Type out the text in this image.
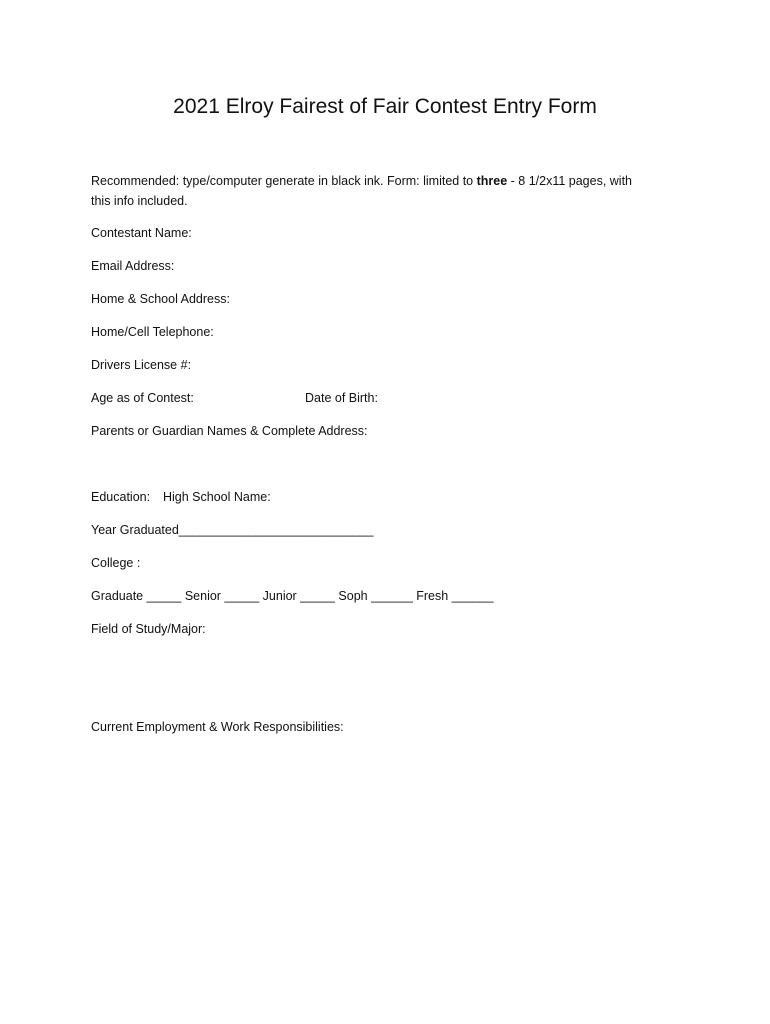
2021 Elroy Fairest of Fair Contest Entry Form
Recommended: type/computer generate in black ink. Form: limited to three - 8 1/2x11 pages, with
this info included.
Contestant Name:
Email Address:
Home & School Address:
Home/Cell Telephone:
Drivers License #:
Age as of Contest:	Date of Birth:
Parents or Guardian Names & Complete Address:
Education: High School Name:
Year Graduated____________________________
College :
Graduate _____ Senior _____ Junior _____ Soph ______ Fresh ______
Field of Study/Major:
Current Employment & Work Responsibilities:
